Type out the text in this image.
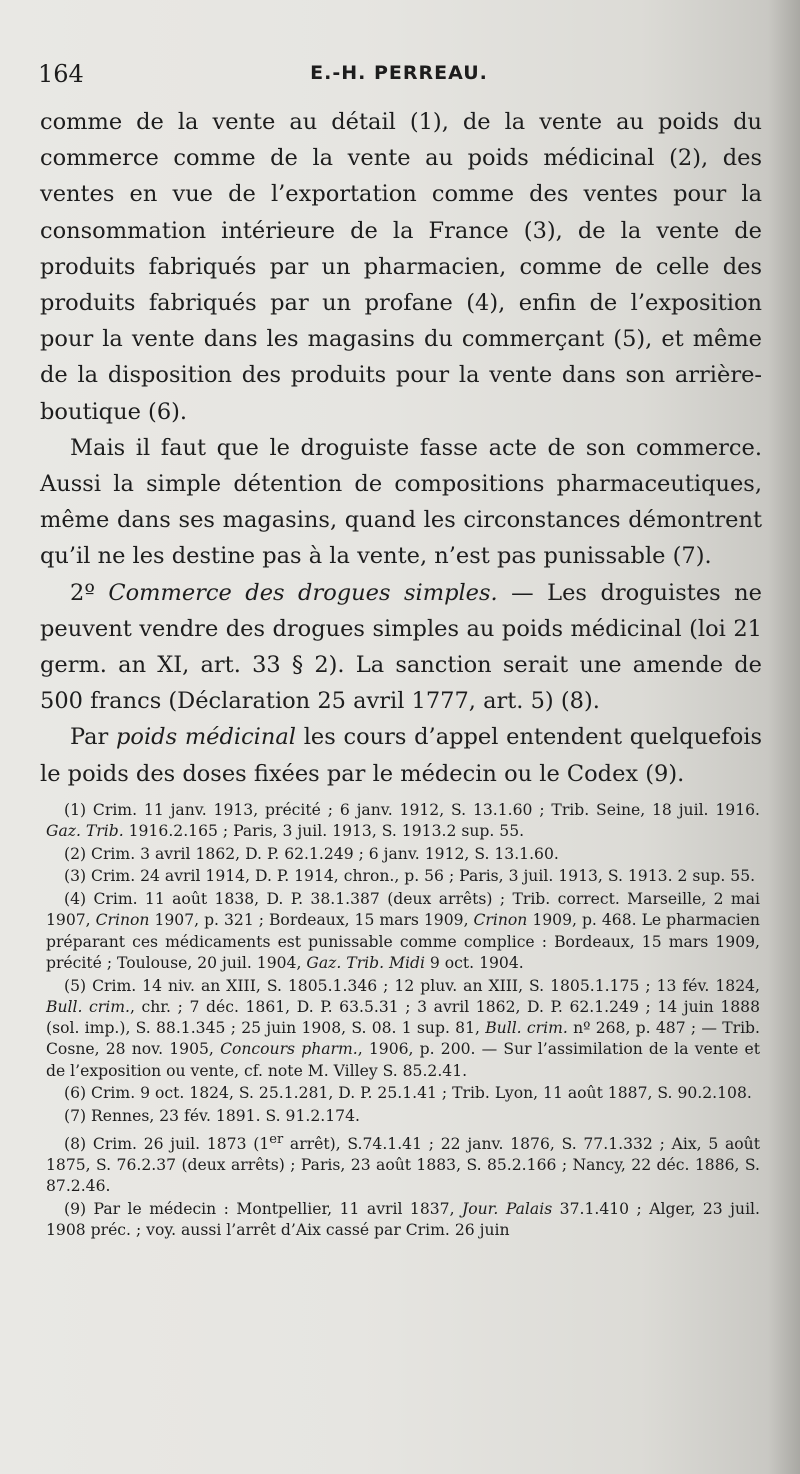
164	E.-H. PERREAU.

comme de la vente au détail (1), de la vente au poids du commerce comme de la vente au poids médicinal (2), des ventes en vue de l’exportation comme des ventes pour la consommation intérieure de la France (3), de la vente de produits fabriqués par un pharmacien, comme de celle des produits fabriqués par un profane (4), enfin de l’exposition pour la vente dans les magasins du commerçant (5), et même de la disposition des produits pour la vente dans son arrière-boutique (6).

Mais il faut que le droguiste fasse acte de son commerce. Aussi la simple détention de compositions pharmaceutiques, même dans ses magasins, quand les circonstances démontrent qu’il ne les destine pas à la vente, n’est pas punissable (7).

2º Commerce des drogues simples. — Les droguistes ne peuvent vendre des drogues simples au poids médicinal (loi 21 germ. an XI, art. 33 § 2). La sanction serait une amende de 500 francs (Déclaration 25 avril 1777, art. 5) (8).

Par poids médicinal les cours d’appel entendent quelquefois le poids des doses fixées par le médecin ou le Codex (9).

(1) Crim. 11 janv. 1913, précité ; 6 janv. 1912, S. 13.1.60 ; Trib. Seine, 18 juil. 1916. Gaz. Trib. 1916.2.165 ; Paris, 3 juil. 1913, S. 1913.2 sup. 55.

(2) Crim. 3 avril 1862, D. P. 62.1.249 ; 6 janv. 1912, S. 13.1.60.

(3) Crim. 24 avril 1914, D. P. 1914, chron., p. 56 ; Paris, 3 juil. 1913, S. 1913. 2 sup. 55.

(4) Crim. 11 août 1838, D. P. 38.1.387 (deux arrêts) ; Trib. correct. Marseille, 2 mai 1907, Crinon 1907, p. 321 ; Bordeaux, 15 mars 1909, Crinon 1909, p. 468. Le pharmacien préparant ces médicaments est punissable comme complice : Bordeaux, 15 mars 1909, précité ; Toulouse, 20 juil. 1904, Gaz. Trib. Midi 9 oct. 1904.

(5) Crim. 14 niv. an XIII, S. 1805.1.346 ; 12 pluv. an XIII, S. 1805.1.175 ; 13 fév. 1824, Bull. crim., chr. ; 7 déc. 1861, D. P. 63.5.31 ; 3 avril 1862, D. P. 62.1.249 ; 14 juin 1888 (sol. imp.), S. 88.1.345 ; 25 juin 1908, S. 08. 1 sup. 81, Bull. crim. nº 268, p. 487 ; — Trib. Cosne, 28 nov. 1905, Concours pharm., 1906, p. 200. — Sur l’assimilation de la vente et de l’exposition ou vente, cf. note M. Villey S. 85.2.41.

(6) Crim. 9 oct. 1824, S. 25.1.281, D. P. 25.1.41 ; Trib. Lyon, 11 août 1887, S. 90.2.108.

(7) Rennes, 23 fév. 1891. S. 91.2.174.

(8) Crim. 26 juil. 1873 (1er arrêt), S.74.1.41 ; 22 janv. 1876, S. 77.1.332 ; Aix, 5 août 1875, S. 76.2.37 (deux arrêts) ; Paris, 23 août 1883, S. 85.2.166 ; Nancy, 22 déc. 1886, S. 87.2.46.

(9) Par le médecin : Montpellier, 11 avril 1837, Jour. Palais 37.1.410 ; Alger, 23 juil. 1908 préc. ; voy. aussi l’arrêt d’Aix cassé par Crim. 26 juin
